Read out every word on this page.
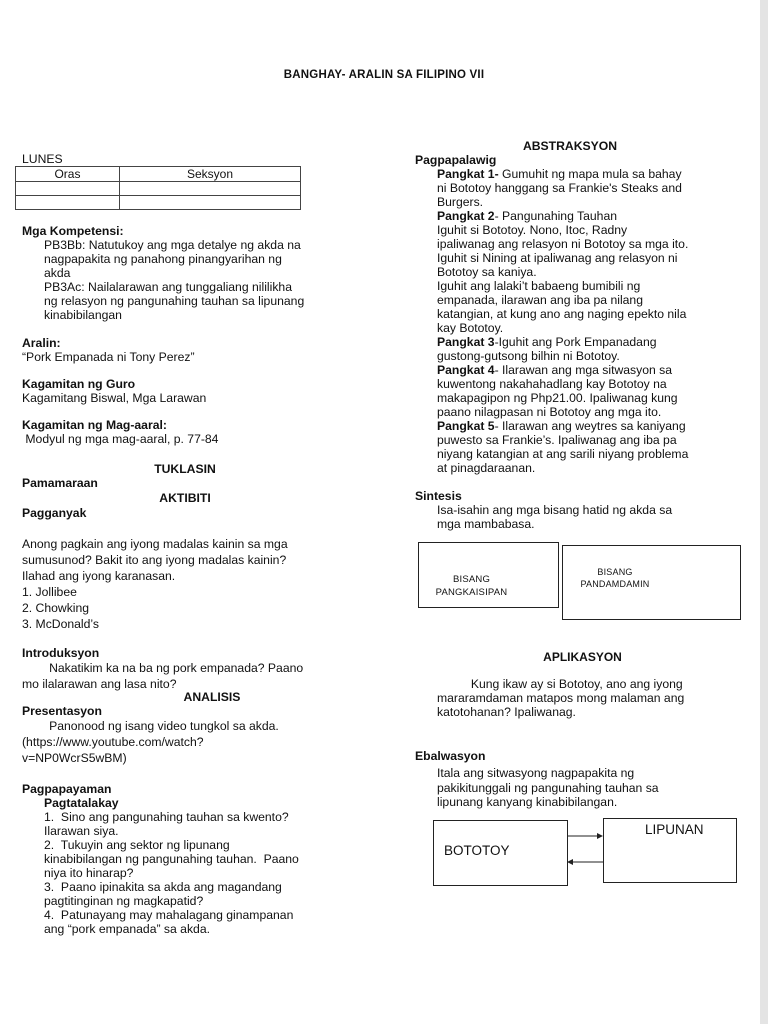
BANGHAY- ARALIN SA FILIPINO VII

LUNES

Oras	Seksyon

Mga Kompetensi:

PB3Bb: Natutukoy ang mga detalye ng akda na
nagpapakita ng panahong pinangyarihan ng
akda

PB3Ac: Nailalarawan ang tunggaliang nililikha
ng relasyon ng pangunahing tauhan sa lipunang
kinabibilangan

Aralin:

“Pork Empanada ni Tony Perez”

Kagamitan ng Guro

Kagamitang Biswal, Mga Larawan

Kagamitan ng Mag-aaral:

Modyul ng mga mag-aaral, p. 77-84

TUKLASIN

Pamamaraan

AKTIBITI

Pagganyak

Anong pagkain ang iyong madalas kainin sa mga
sumusunod? Bakit ito ang iyong madalas kainin?
Ilahad ang iyong karanasan.

1. Jollibee

2. Chowking

3. McDonald’s

Introduksyon

Nakatikim ka na ba ng pork empanada? Paano
mo ilalarawan ang lasa nito?

ANALISIS

Presentasyon

Panonood ng isang video tungkol sa akda.
(https://www.youtube.com/watch?
v=NP0WcrS5wBM)

Pagpapayaman

Pagtatalakay

1.  Sino ang pangunahing tauhan sa kwento?
Ilarawan siya.

2.  Tukuyin ang sektor ng lipunang
kinabibilangan ng pangunahing tauhan.  Paano
niya ito hinarap?

3.  Paano ipinakita sa akda ang magandang
pagtitinginan ng magkapatid?

4.  Patunayang may mahalagang ginampanan
ang “pork empanada” sa akda.

ABSTRAKSYON

Pagpapalawig

Pangkat 1- Gumuhit ng mapa mula sa bahay
ni Bototoy hanggang sa Frankie's Steaks and
Burgers.
Pangkat 2- Pangunahing Tauhan
Iguhit si Bototoy. Nono, Itoc, Radny
ipaliwanag ang relasyon ni Bototoy sa mga ito.
Iguhit si Nining at ipaliwanag ang relasyon ni
Bototoy sa kaniya.
Iguhit ang lalaki’t babaeng bumibili ng
empanada, ilarawan ang iba pa nilang
katangian, at kung ano ang naging epekto nila
kay Bototoy.
Pangkat 3-Iguhit ang Pork Empanadang
gustong-gutsong bilhin ni Bototoy.
Pangkat 4- Ilarawan ang mga sitwasyon sa
kuwentong nakahahadlang kay Bototoy na
makapagipon ng Php21.00. Ipaliwanag kung
paano nilagpasan ni Bototoy ang mga ito.
Pangkat 5- Ilarawan ang weytres sa kaniyang
puwesto sa Frankie’s. Ipaliwanag ang iba pa
niyang katangian at ang sarili niyang problema
at pinagdaraanan.

Sintesis

Isa-isahin ang mga bisang hatid ng akda sa
mga mambabasa.

BISANG
PANGKAISIPAN
BISANG
PANDAMDAMIN
APLIKASYON
Kung ikaw ay si Bototoy, ano ang iyong
mararamdaman matapos mong malaman ang
katotohanan? Ipaliwanag.
Ebalwasyon
Itala ang sitwasyong nagpapakita ng
pakikitunggali ng pangunahing tauhan sa
lipunang kanyang kinabibilangan.
BOTOTOY
LIPUNAN
